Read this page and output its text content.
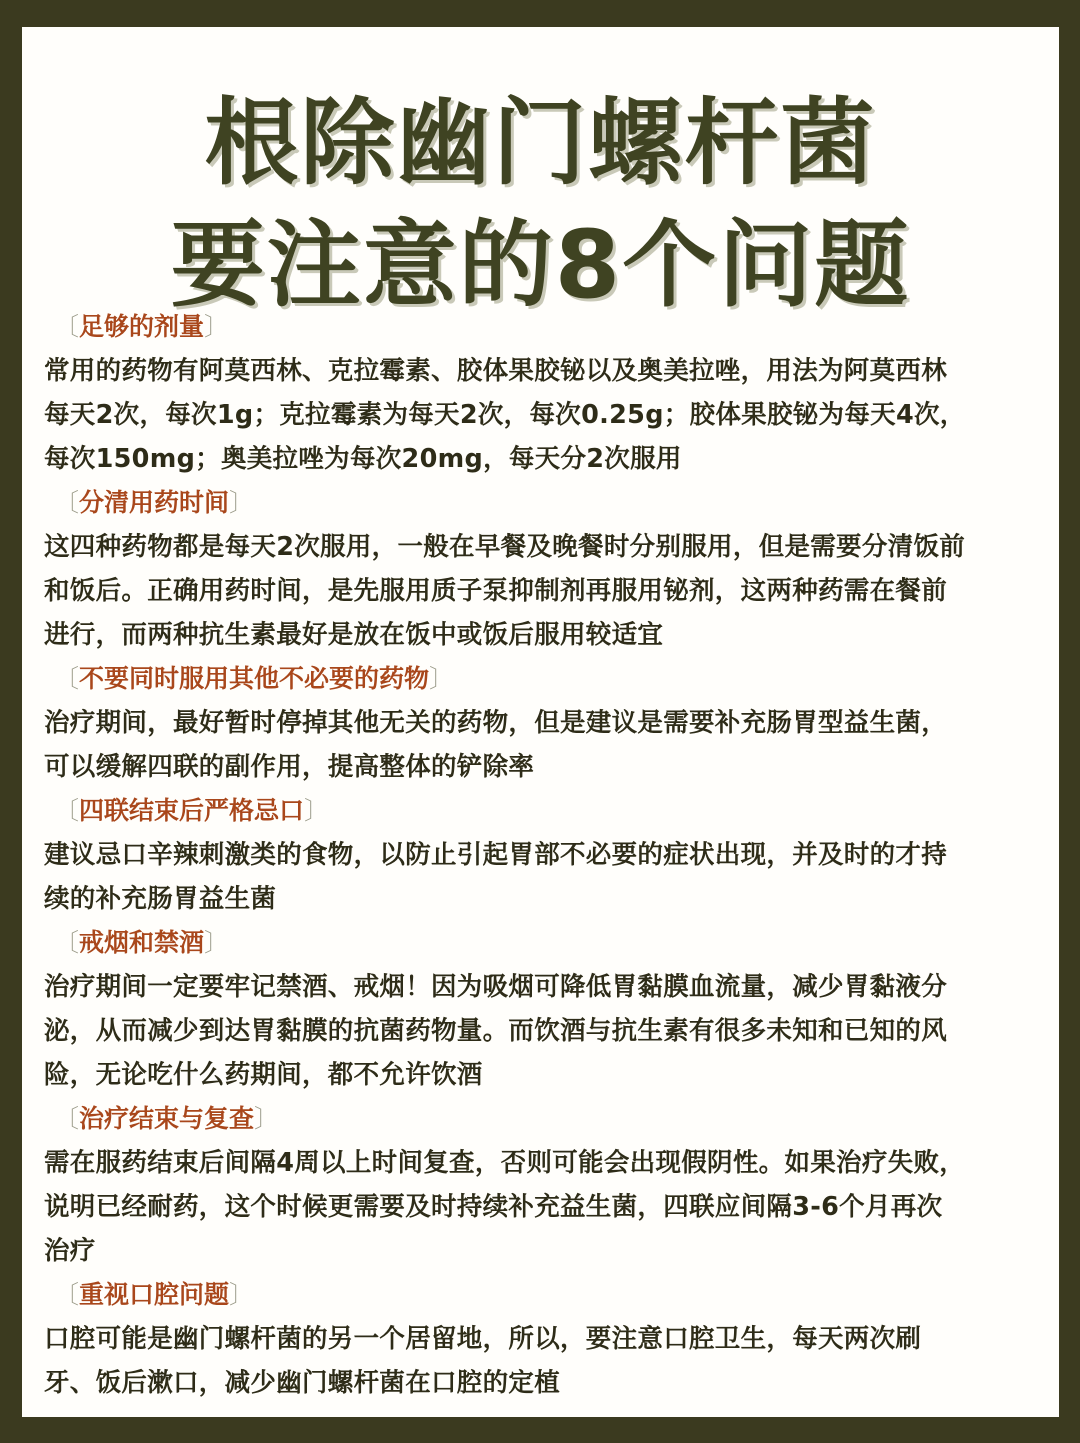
根除幽门螺杆菌
要注意的8个问题
〔足够的剂量〕
常用的药物有阿莫西林、克拉霉素、胶体果胶铋以及奥美拉唑，用法为阿莫西林
每天2次，每次1g；克拉霉素为每天2次，每次0.25g；胶体果胶铋为每天4次，
每次150mg；奥美拉唑为每次20mg，每天分2次服用
〔分清用药时间〕
这四种药物都是每天2次服用，一般在早餐及晚餐时分别服用，但是需要分清饭前
和饭后。正确用药时间，是先服用质子泵抑制剂再服用铋剂，这两种药需在餐前
进行，而两种抗生素最好是放在饭中或饭后服用较适宜
〔不要同时服用其他不必要的药物〕
治疗期间，最好暂时停掉其他无关的药物，但是建议是需要补充肠胃型益生菌，
可以缓解四联的副作用，提高整体的铲除率
〔四联结束后严格忌口〕
建议忌口辛辣刺激类的食物，以防止引起胃部不必要的症状出现，并及时的才持
续的补充肠胃益生菌
〔戒烟和禁酒〕
治疗期间一定要牢记禁酒、戒烟！因为吸烟可降低胃黏膜血流量，减少胃黏液分
泌，从而减少到达胃黏膜的抗菌药物量。而饮酒与抗生素有很多未知和已知的风
险，无论吃什么药期间，都不允许饮酒
〔治疗结束与复查〕
需在服药结束后间隔4周以上时间复查，否则可能会出现假阴性。如果治疗失败，
说明已经耐药，这个时候更需要及时持续补充益生菌，四联应间隔3-6个月再次
治疗
〔重视口腔问题〕
口腔可能是幽门螺杆菌的另一个居留地，所以，要注意口腔卫生，每天两次刷
牙、饭后漱口，减少幽门螺杆菌在口腔的定植
